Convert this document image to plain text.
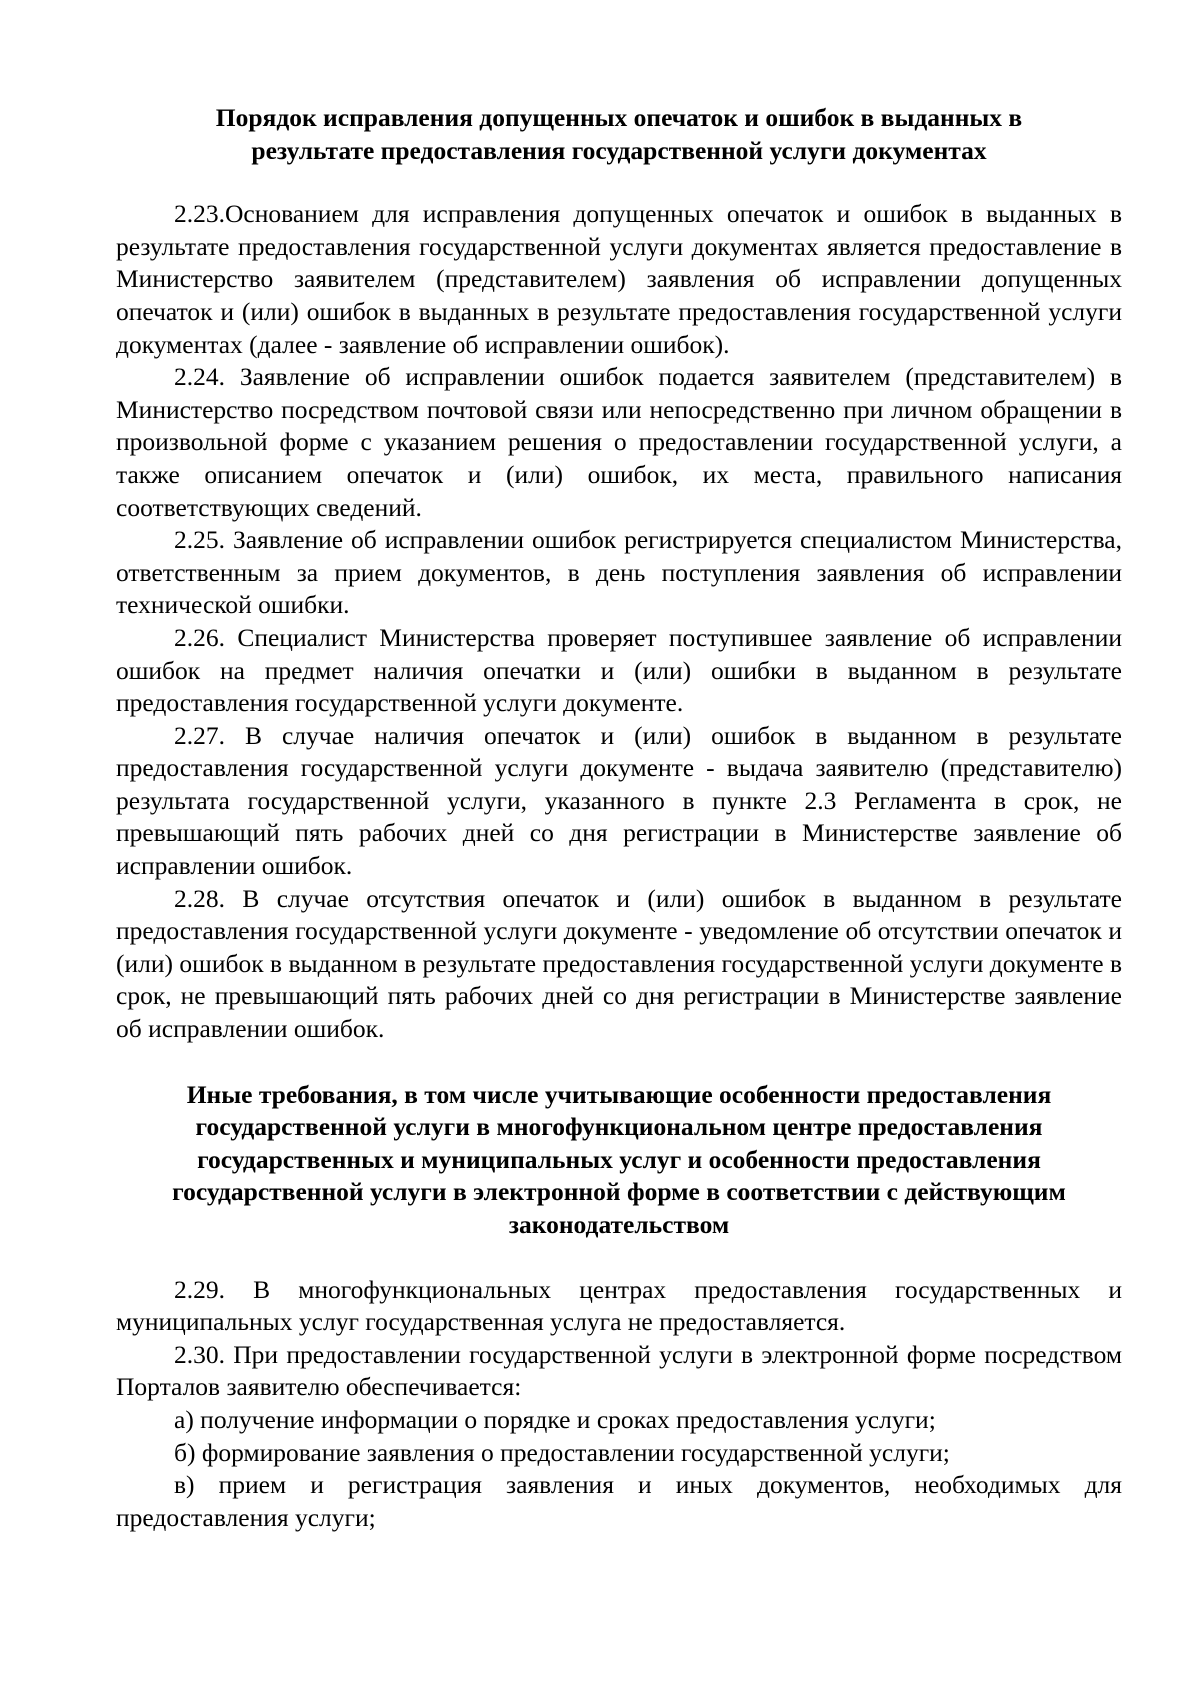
Порядок исправления допущенных опечаток и ошибок в выданных в результате предоставления государственной услуги документах

2.23.Основанием для исправления допущенных опечаток и ошибок в выданных в результате предоставления государственной услуги документах является предоставление в Министерство заявителем (представителем) заявления об исправлении допущенных опечаток и (или) ошибок в выданных в результате предоставления государственной услуги документах (далее - заявление об исправлении ошибок).

2.24. Заявление об исправлении ошибок подается заявителем (представителем) в Министерство посредством почтовой связи или непосредственно при личном обращении в произвольной форме с указанием решения о предоставлении государственной услуги, а также описанием опечаток и (или) ошибок, их места, правильного написания соответствующих сведений.

2.25. Заявление об исправлении ошибок регистрируется специалистом Министерства, ответственным за прием документов, в день поступления заявления об исправлении технической ошибки.

2.26. Специалист Министерства проверяет поступившее заявление об исправлении ошибок на предмет наличия опечатки и (или) ошибки в выданном в результате предоставления государственной услуги документе.

2.27. В случае наличия опечаток и (или) ошибок в выданном в результате предоставления государственной услуги документе - выдача заявителю (представителю) результата государственной услуги, указанного в пункте 2.3 Регламента в срок, не превышающий пять рабочих дней со дня регистрации в Министерстве заявление об исправлении ошибок.

2.28. В случае отсутствия опечаток и (или) ошибок в выданном в результате предоставления государственной услуги документе - уведомление об отсутствии опечаток и (или) ошибок в выданном в результате предоставления государственной услуги документе в срок, не превышающий пять рабочих дней со дня регистрации в Министерстве заявление об исправлении ошибок.

Иные требования, в том числе учитывающие особенности предоставления государственной услуги в многофункциональном центре предоставления государственных и муниципальных услуг и особенности предоставления государственной услуги в электронной форме в соответствии с действующим законодательством

2.29. В многофункциональных центрах предоставления государственных и муниципальных услуг государственная услуга не предоставляется.

2.30. При предоставлении государственной услуги в электронной форме посредством Порталов заявителю обеспечивается:

а) получение информации о порядке и сроках предоставления услуги;

б) формирование заявления о предоставлении государственной услуги;

в) прием и регистрация заявления и иных документов, необходимых для предоставления услуги;
